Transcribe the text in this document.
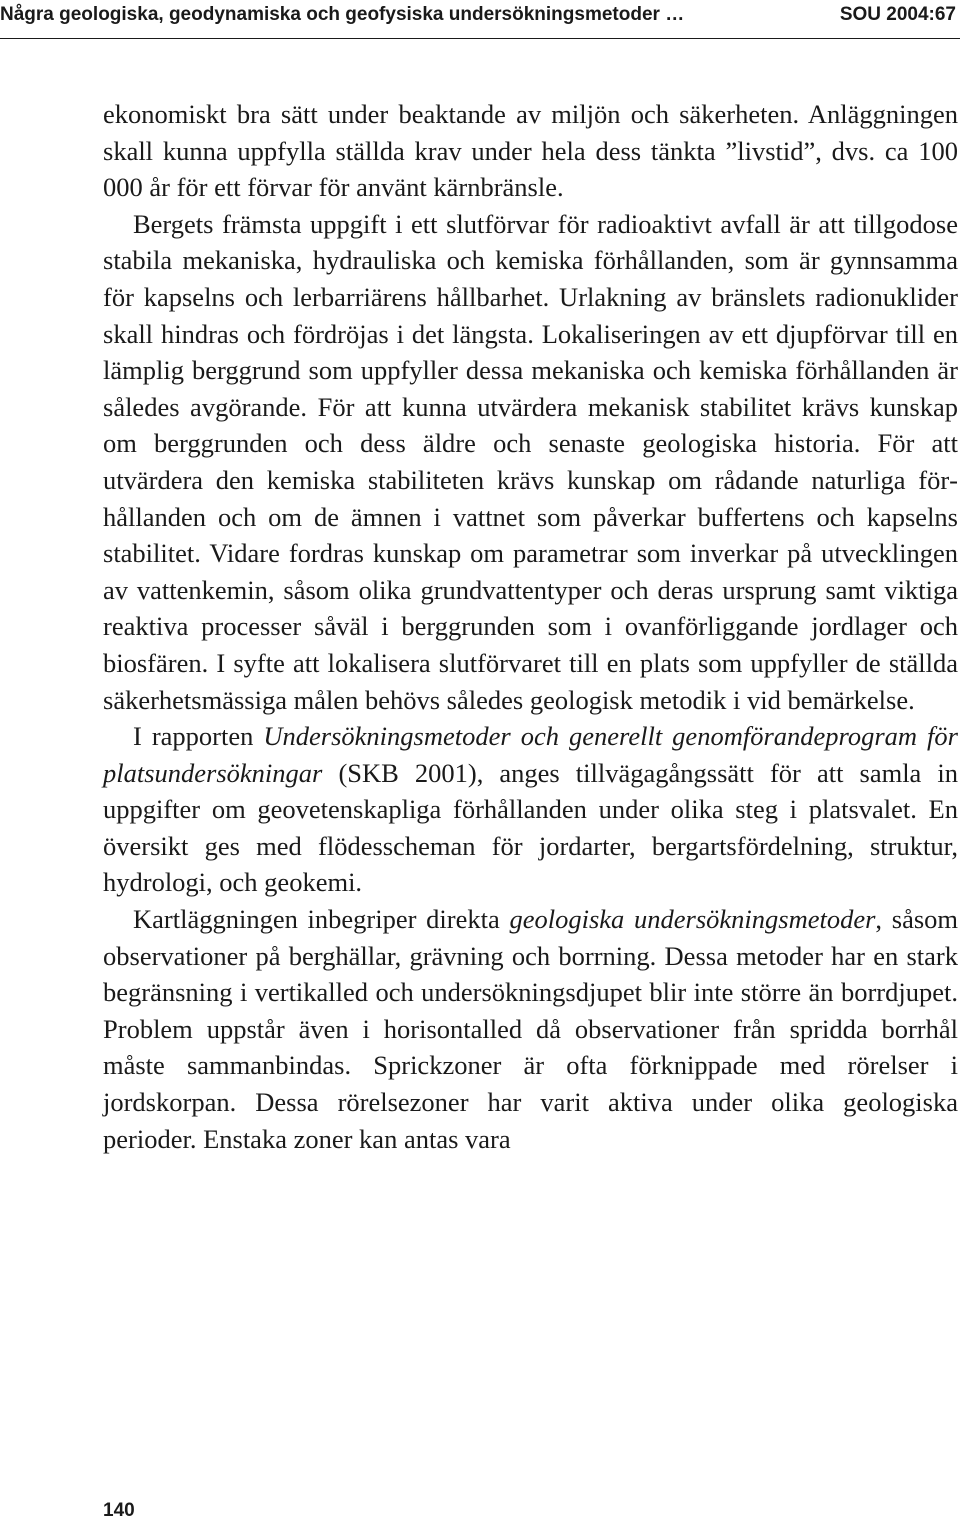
Några geologiska, geodynamiska och geofysiska undersökningsmetoder …	SOU 2004:67

ekonomiskt bra sätt under beaktande av miljön och säkerheten. Anläggningen skall kunna uppfylla ställda krav under hela dess tänkta ”livstid”, dvs. ca 100 000 år för ett förvar för använt kärnbränsle.

Bergets främsta uppgift i ett slutförvar för radioaktivt avfall är att tillgodose stabila mekaniska, hydrauliska och kemiska förhållanden, som är gynnsamma för kapselns och lerbarriärens hållbarhet. Urlakning av bränslets radionuklider skall hindras och fördröjas i det längsta. Lokaliseringen av ett djupförvar till en lämplig berggrund som uppfyller dessa mekaniska och kemiska förhållanden är således avgörande. För att kunna utvärdera mekanisk stabilitet krävs kunskap om berggrunden och dess äldre och senaste geologiska historia. För att utvärdera den kemiska stabiliteten krävs kunskap om rådande naturliga förhållanden och om de ämnen i vattnet som påverkar buffertens och kapselns stabilitet. Vidare fordras kunskap om parametrar som inverkar på utvecklingen av vattenkemin, såsom olika grundvattentyper och deras ursprung samt viktiga reaktiva processer såväl i berggrunden som i ovanförliggande jordlager och biosfären. I syfte att lokalisera slutförvaret till en plats som uppfyller de ställda säkerhetsmässiga målen behövs således geologisk metodik i vid bemärkelse.

I rapporten Undersökningsmetoder och generellt genomförandeprogram för platsundersökningar (SKB 2001), anges tillvägagångssätt för att samla in uppgifter om geovetenskapliga förhållanden under olika steg i platsvalet. En översikt ges med flödesscheman för jordarter, bergartsfördelning, struktur, hydrologi, och geokemi.

Kartläggningen inbegriper direkta geologiska undersökningsmetoder, såsom observationer på berghällar, grävning och borrning. Dessa metoder har en stark begränsning i vertikalled och undersökningsdjupet blir inte större än borrdjupet. Problem uppstår även i horisontalled då observationer från spridda borrhål måste sammanbindas. Sprickzoner är ofta förknippade med rörelser i jordskorpan. Dessa rörelsezoner har varit aktiva under olika geologiska perioder. Enstaka zoner kan antas vara

140
